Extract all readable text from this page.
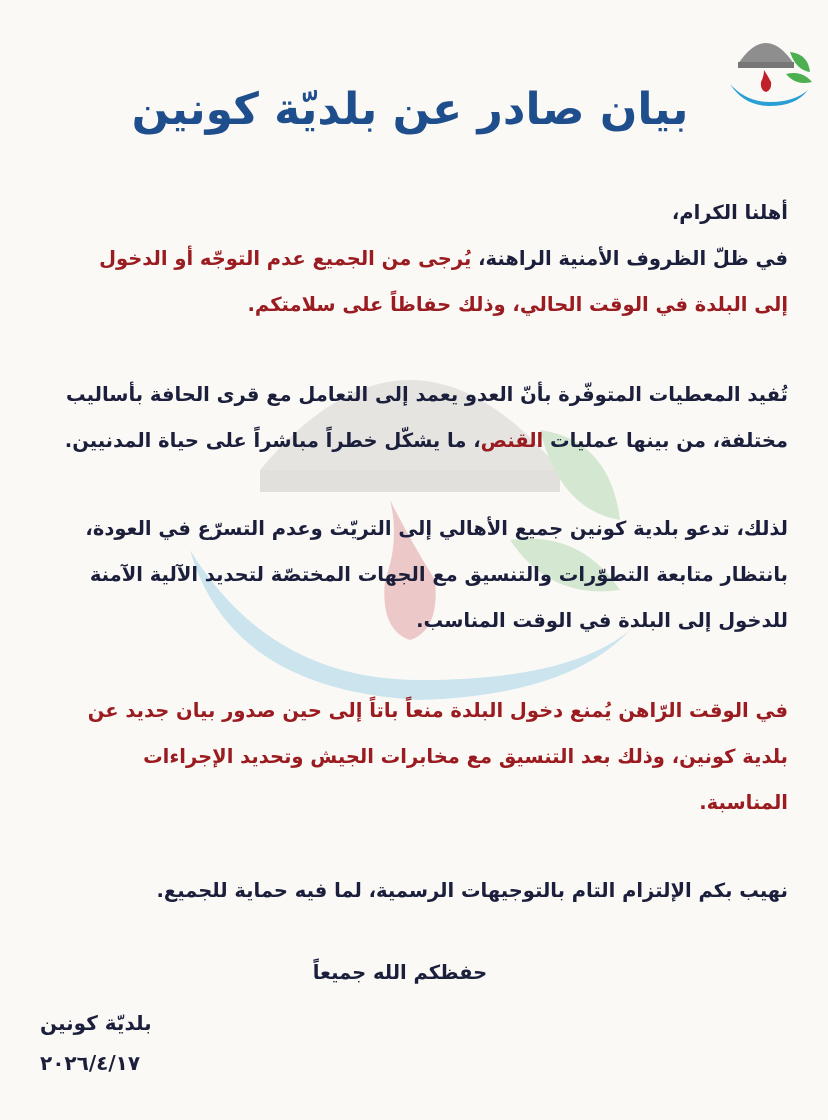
بيان صادر عن بلديّة كونين

أهلنا الكرام،

في ظلّ الظروف الأمنية الراهنة، يُرجى من الجميع عدم التوجّه أو الدخول إلى البلدة في الوقت الحالي، وذلك حفاظاً على سلامتكم.

تُفيد المعطيات المتوفّرة بأنّ العدو يعمد إلى التعامل مع قرى الحافة بأساليب مختلفة، من بينها عمليات القنص، ما يشكّل خطراً مباشراً على حياة المدنيين.

لذلك، تدعو بلدية كونين جميع الأهالي إلى التريّث وعدم التسرّع في العودة، بانتظار متابعة التطوّرات والتنسيق مع الجهات المختصّة لتحديد الآلية الآمنة للدخول إلى البلدة في الوقت المناسب.

في الوقت الرّاهن يُمنع دخول البلدة منعاً باتاً إلى حين صدور بيان جديد عن بلدية كونين، وذلك بعد التنسيق مع مخابرات الجيش وتحديد الإجراءات المناسبة.

نهيب بكم الإلتزام التام بالتوجيهات الرسمية، لما فيه حماية للجميع.

حفظكم الله جميعاً

بلديّة كونين

٢٠٢٦/٤/١٧
